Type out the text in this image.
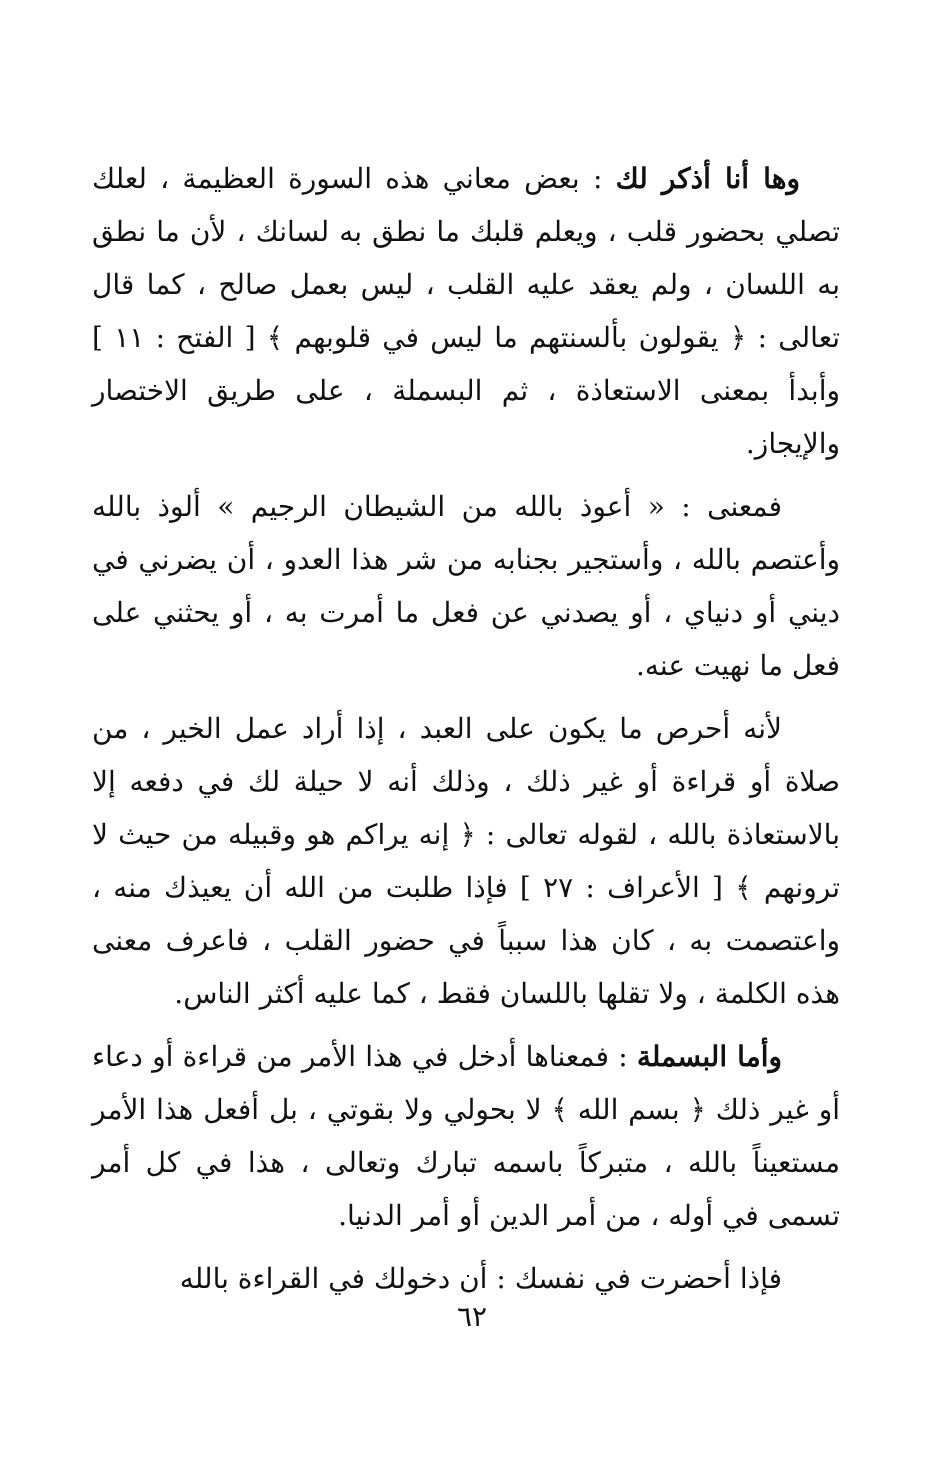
وها أنا أذكر لك : بعض معاني هذه السورة العظيمة ، لعلك تصلي بحضور قلب ، ويعلم قلبك ما نطق به لسانك ، لأن ما نطق به اللسان ، ولم يعقد عليه القلب ، ليس بعمل صالح ، كما قال تعالى : ﴿ يقولون بألسنتهم ما ليس في قلوبهم ﴾ [ الفتح : ١١ ] وأبدأ بمعنى الاستعاذة ، ثم البسملة ، على طريق الاختصار والإيجاز.

فمعنى : « أعوذ بالله من الشيطان الرجيم » ألوذ بالله وأعتصم بالله ، وأستجير بجنابه من شر هذا العدو ، أن يضرني في ديني أو دنياي ، أو يصدني عن فعل ما أمرت به ، أو يحثني على فعل ما نهيت عنه.

لأنه أحرص ما يكون على العبد ، إذا أراد عمل الخير ، من صلاة أو قراءة أو غير ذلك ، وذلك أنه لا حيلة لك في دفعه إلا بالاستعاذة بالله ، لقوله تعالى : ﴿ إنه يراكم هو وقبيله من حيث لا ترونهم ﴾ [ الأعراف : ٢٧ ] فإذا طلبت من الله أن يعيذك منه ، واعتصمت به ، كان هذا سبباً في حضور القلب ، فاعرف معنى هذه الكلمة ، ولا تقلها باللسان فقط ، كما عليه أكثر الناس.

وأما البسملة : فمعناها أدخل في هذا الأمر من قراءة أو دعاء أو غير ذلك ﴿ بسم الله ﴾ لا بحولي ولا بقوتي ، بل أفعل هذا الأمر مستعيناً بالله ، متبركاً باسمه تبارك وتعالى ، هذا في كل أمر تسمى في أوله ، من أمر الدين أو أمر الدنيا.

فإذا أحضرت في نفسك : أن دخولك في القراءة بالله

٦٢
